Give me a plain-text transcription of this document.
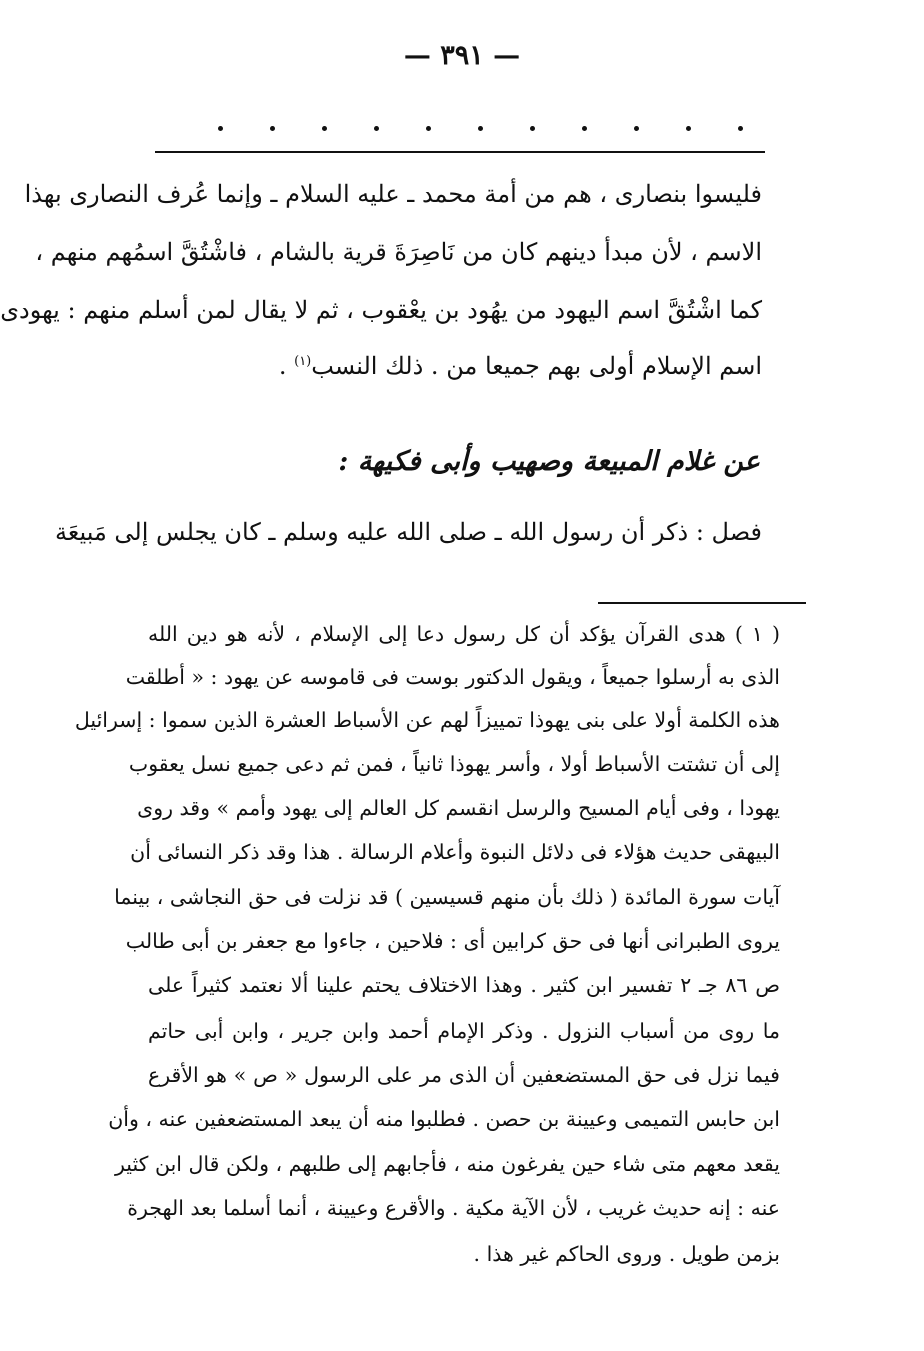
— ٣٩١ —
فليسوا بنصارى ، هم من أمة محمد ـ عليه السلام ـ وإنما عُرف النصارى بهذا
الاسم ، لأن مبدأ دينهم كان من نَاصِرَةَ قرية بالشام ، فاشْتُقَّ اسمُهم منهم ،
كما اشْتُقَّ اسم اليهود من يهُود بن يعْقوب ، ثم لا يقال لمن أسلم منهم : يهودى
اسم الإسلام أولى بهم جميعا من . ذلك النسب$^{(١)}$ .
عن غلام المبيعة وصهيب وأبى فكيهة :
فصل : ذكر أن رسول الله ـ صلى الله عليه وسلم ـ كان يجلس إلى مَبيعَة
( ١ ) هدى القرآن يؤكد أن كل رسول دعا إلى الإسلام ، لأنه هو دين الله
الذى به أرسلوا جميعاً ، ويقول الدكتور بوست فى قاموسه عن يهود : « أطلقت
هذه الكلمة أولا على بنى يهوذا تمييزاً لهم عن الأسباط العشرة الذين سموا : إسرائيل
إلى أن تشتت الأسباط أولا ، وأسر يهوذا ثانياً ، فمن ثم دعى جميع نسل يعقوب
يهودا ، وفى أيام المسيح والرسل انقسم كل العالم إلى يهود وأمم » وقد روى
البيهقى حديث هؤلاء فى دلائل النبوة وأعلام الرسالة . هذا وقد ذكر النسائى أن
آيات سورة المائدة ( ذلك بأن منهم قسيسين ) قد نزلت فى حق النجاشى ، بينما
يروى الطبرانى أنها فى حق كرابين أى : فلاحين ، جاءوا مع جعفر بن أبى طالب
ص ٨٦ جـ ٢ تفسير ابن كثير . وهذا الاختلاف يحتم علينا ألا نعتمد كثيراً على
ما روى من أسباب النزول . وذكر الإمام أحمد وابن جرير ، وابن أبى حاتم
فيما نزل فى حق المستضعفين أن الذى مر على الرسول « ص » هو الأقرع
ابن حابس التميمى وعيينة بن حصن . فطلبوا منه أن يبعد المستضعفين عنه ، وأن
يقعد معهم متى شاء حين يفرغون منه ، فأجابهم إلى طلبهم ، ولكن قال ابن كثير
عنه : إنه حديث غريب ، لأن الآية مكية . والأقرع وعيينة ، أنما أسلما بعد الهجرة
بزمن طويل . وروى الحاكم غير هذا .
